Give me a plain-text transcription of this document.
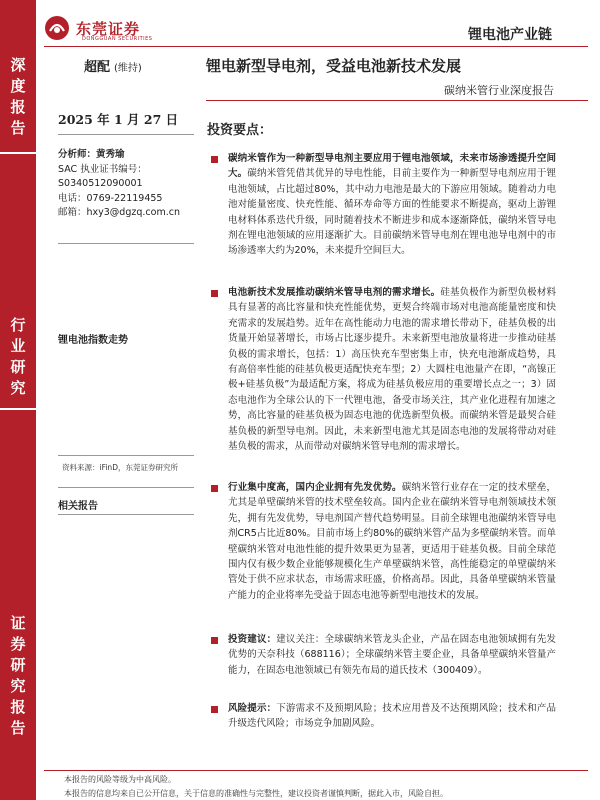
深
度
报
告
行
业
研
究
证
券
研
究
报
告
东莞证券
DONGGUAN SECURITIES	锂电池产业链
超配 (维持)	锂电新型导电剂，受益电池新技术发展
碳纳米管行业深度报告
2025 年 1 月 27 日
分析师：黄秀瑜
SAC 执业证书编号：
S0340512090001
电话：0769-22119455
邮箱：hxy3@dgzq.com.cn
锂电池指数走势
资料来源：iFinD，东莞证券研究所
相关报告
投资要点：
碳纳米管作为一种新型导电剂主要应用于锂电池领域，未来市场渗透提升空间大。碳纳米管凭借其优异的导电性能，目前主要作为一种新型导电剂应用于锂电池领域，占比超过80%，其中动力电池是最大的下游应用领域。随着动力电池对能量密度、快充性能、循环寿命等方面的性能要求不断提高，驱动上游锂电材料体系迭代升级，同时随着技术不断进步和成本逐渐降低，碳纳米管导电剂在锂电池领域的应用逐渐扩大。目前碳纳米管导电剂在锂电池导电剂中的市场渗透率大约为20%，未来提升空间巨大。
电池新技术发展推动碳纳米管导电剂的需求增长。硅基负极作为新型负极材料具有显著的高比容量和快充性能优势，更契合终端市场对电池高能量密度和快充需求的发展趋势。近年在高性能动力电池的需求增长带动下，硅基负极的出货量开始显著增长，市场占比逐步提升。未来新型电池放量将进一步推动硅基负极的需求增长，包括：1）高压快充车型密集上市，快充电池渐成趋势，具有高倍率性能的硅基负极更适配快充车型；2）大圆柱电池量产在即，“高镍正极+硅基负极”为最适配方案，将成为硅基负极应用的重要增长点之一；3）固态电池作为全球公认的下一代锂电池，备受市场关注，其产业化进程有加速之势，高比容量的硅基负极为固态电池的优选新型负极。而碳纳米管是最契合硅基负极的新型导电剂。因此，未来新型电池尤其是固态电池的发展将带动对硅基负极的需求，从而带动对碳纳米管导电剂的需求增长。
行业集中度高，国内企业拥有先发优势。碳纳米管行业存在一定的技术壁垒，尤其是单壁碳纳米管的技术壁垒较高。国内企业在碳纳米管导电剂领域技术领先，拥有先发优势，导电剂国产替代趋势明显。目前全球锂电池碳纳米管导电剂CR5占比近80%。目前市场上约80%的碳纳米管产品为多壁碳纳米管。而单壁碳纳米管对电池性能的提升效果更为显著，更适用于硅基负极。目前全球范围内仅有极少数企业能够规模化生产单壁碳纳米管，高性能稳定的单壁碳纳米管处于供不应求状态，市场需求旺盛，价格高昂。因此，具备单壁碳纳米管量产能力的企业将率先受益于固态电池等新型电池技术的发展。
投资建议：建议关注：全球碳纳米管龙头企业，产品在固态电池领域拥有先发优势的天奈科技（688116）；全球碳纳米管主要企业，具备单壁碳纳米管量产能力，在固态电池领域已有领先布局的道氏技术（300409）。
风险提示：下游需求不及预期风险；技术应用普及不达预期风险；技术和产品升级迭代风险；市场竞争加剧风险。
本报告的风险等级为中高风险。
本报告的信息均来自已公开信息，关于信息的准确性与完整性，建议投资者谨慎判断，据此入市，风险自担。
